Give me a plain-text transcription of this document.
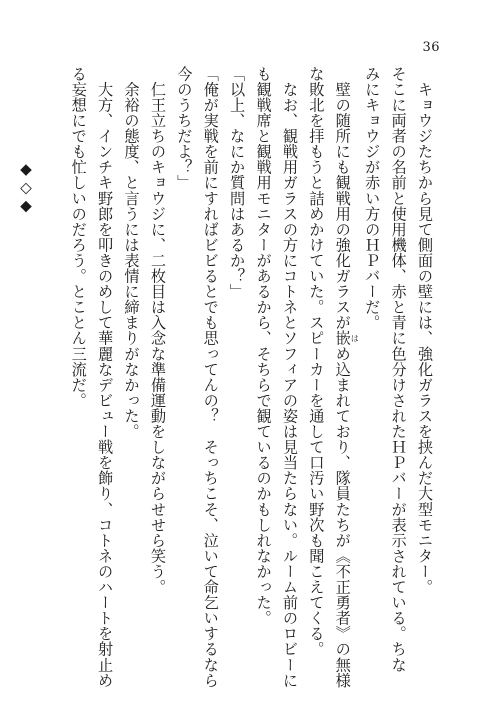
36

　キョウジたちから見て側面の壁には、強化ガラスを挟んだ大型モニター。

そこに両者の名前と使用機体、赤と青に色分けされたＨＰバーが表示されている。ちな

みにキョウジが赤い方のＨＰバーだ。

　壁の随所にも観戦用の強化ガラスが嵌はめ込まれており、隊員たちが《不正勇者》の無様

な敗北を拝もうと詰めかけていた。スピーカーを通して口汚い野次も聞こえてくる。

　なお、観戦用ガラスの方にコトネとソフィアの姿は見当たらない。ルーム前のロビーに

も観戦席と観戦用モニターがあるから、そちらで観ているのかもしれなかった。

「以上、なにか質問はあるか？」

「俺が実戦を前にすればビビるとでも思ってんの？　そっちこそ、泣いて命乞いするなら

今のうちだよ？」

　仁王立ちのキョウジに、二枚目は入念な準備運動をしながらせせら笑う。

　余裕の態度、と言うには表情に締まりがなかった。

　大方、インチキ野郎を叩きのめして華麗なデビュー戦を飾り、コトネのハートを射止め

る妄想にでも忙しいのだろう。とことん三流だ。

◆◇◆
